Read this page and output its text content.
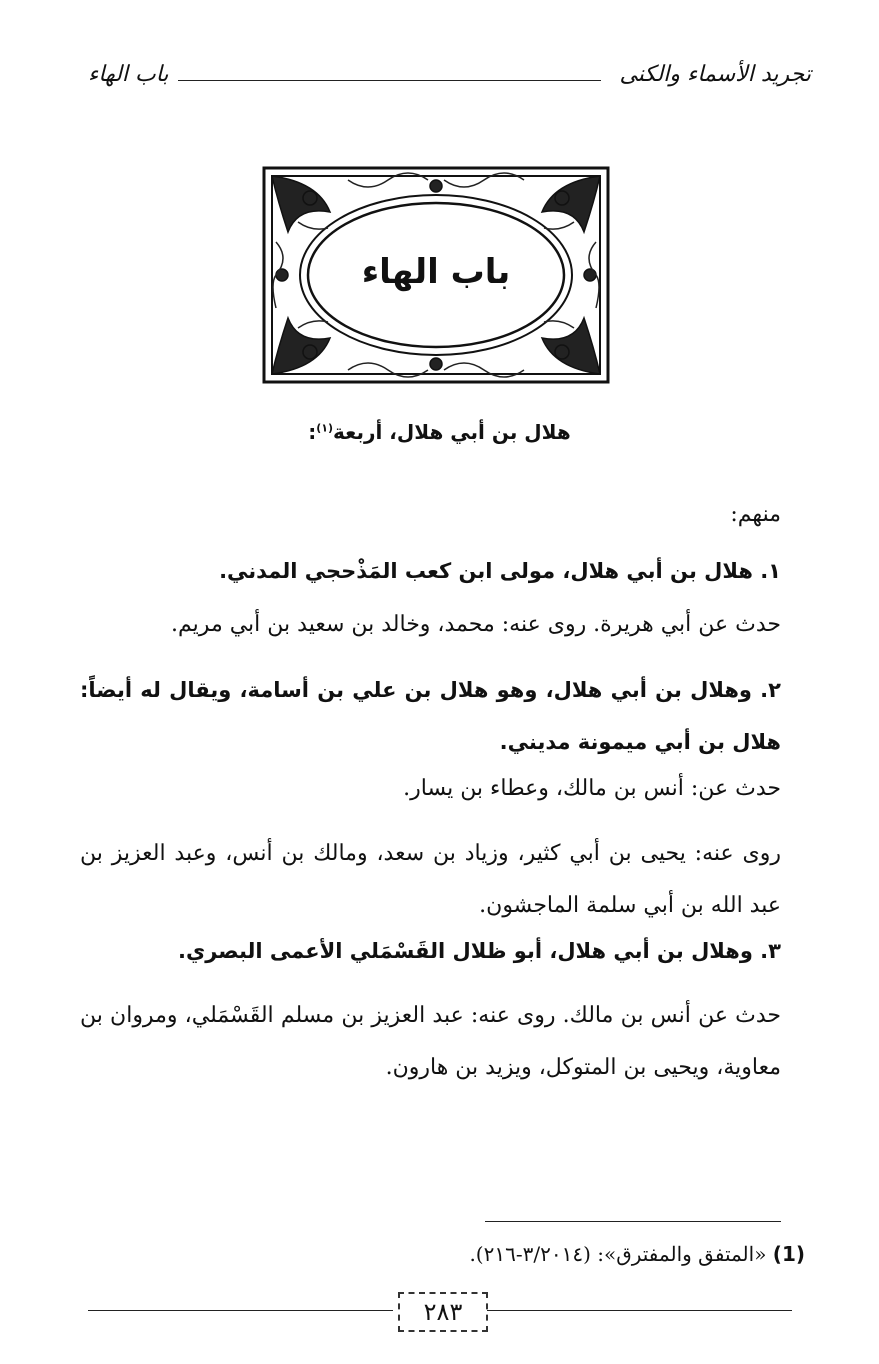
تجريد الأسماء والكنى
باب الهاء
باب الهاء
هلال بن أبي هلال، أربعة$^{(١)}$:

منهم:

١. هلال بن أبي هلال، مولى ابن كعب المَذْحجي المدني.

حدث عن أبي هريرة. روى عنه: محمد، وخالد بن سعيد بن أبي مريم.

٢. وهلال بن أبي هلال، وهو هلال بن علي بن أسامة، ويقال له أيضاً: هلال بن أبي ميمونة مديني.

حدث عن: أنس بن مالك، وعطاء بن يسار.

روى عنه: يحيى بن أبي كثير، وزياد بن سعد، ومالك بن أنس، وعبد العزيز بن عبد الله بن أبي سلمة الماجشون.

٣. وهلال بن أبي هلال، أبو ظلال القَسْمَلي الأعمى البصري.

حدث عن أنس بن مالك. روى عنه: عبد العزيز بن مسلم القَسْمَلي، ومروان بن معاوية، ويحيى بن المتوكل، ويزيد بن هارون.

(1) «المتفق والمفترق»: (٣/٢٠١٤-٢١٦).
٢٨٣
